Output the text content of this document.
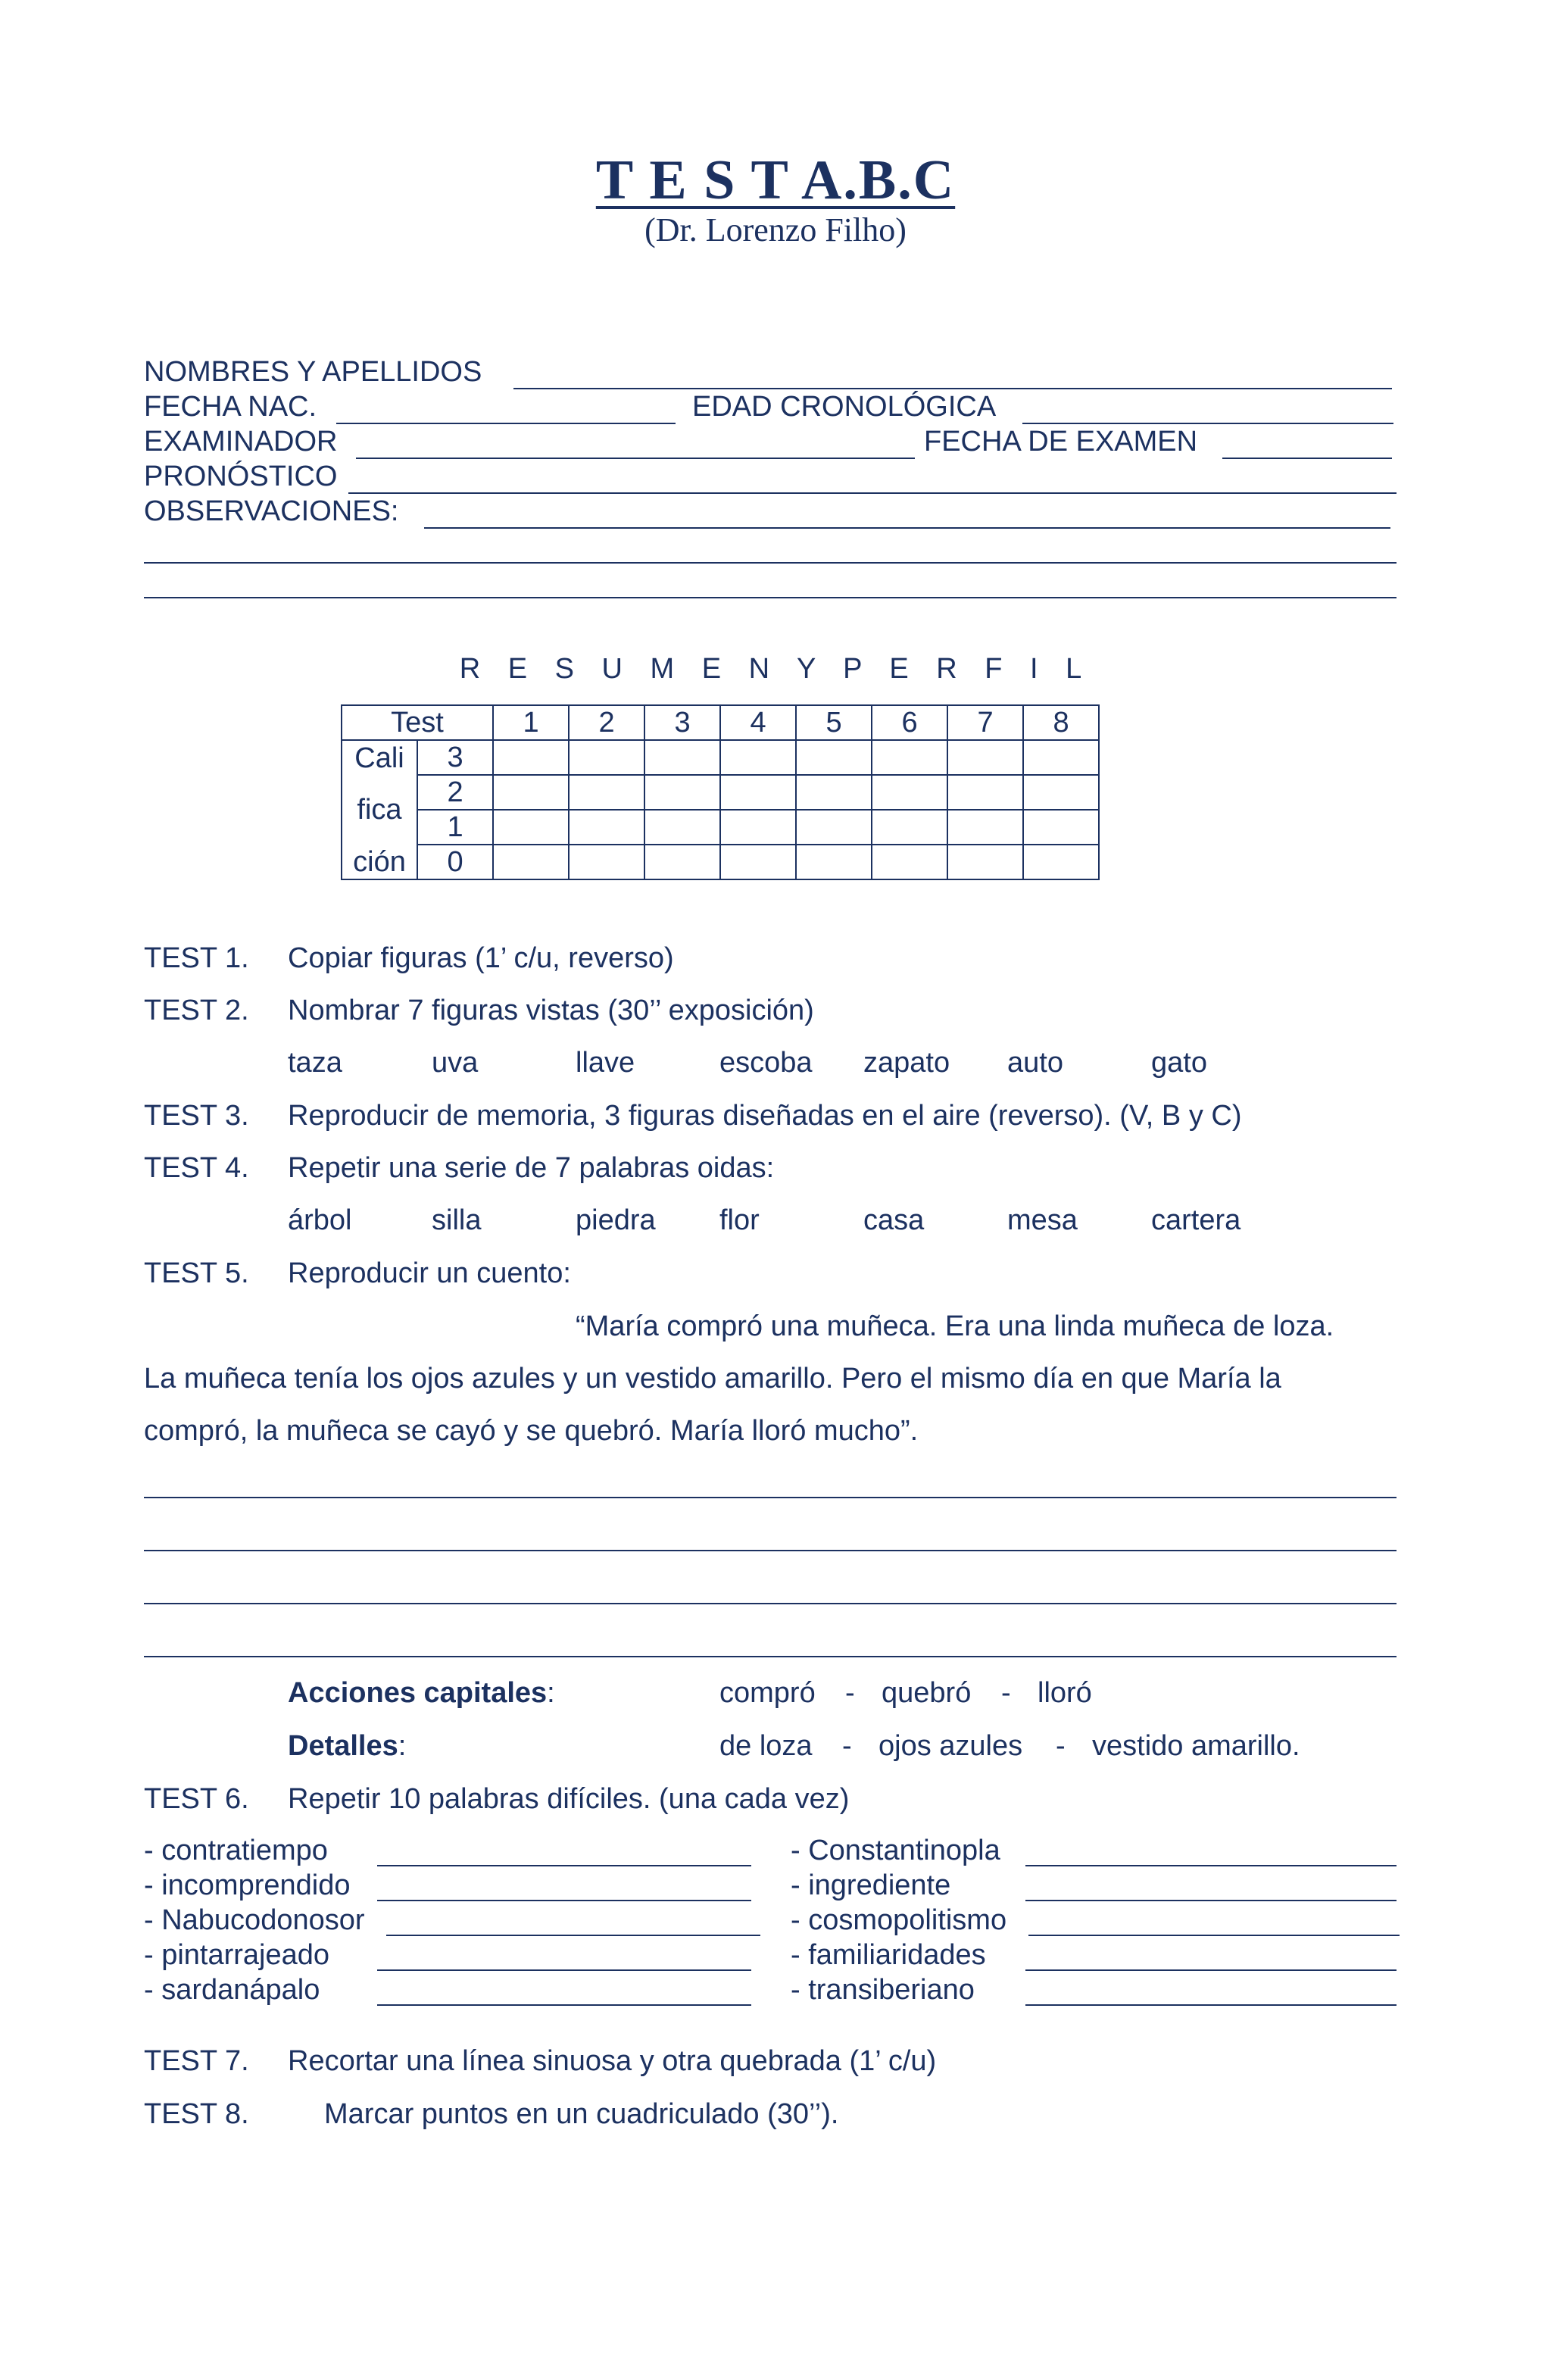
T E S T A.B.C
(Dr. Lorenzo Filho)
NOMBRES Y APELLIDOS
FECHA NAC.	EDAD CRONOLÓGICA
EXAMINADOR	FECHA DE EXAMEN
PRONÓSTICO
OBSERVACIONES:
R E S U M E N Y P E R F I L
Test		1	2	3	4	5	6	7	8
Cali	3								
fica	2								
	1								
ción	0								
TEST 1. Copiar figuras (1’ c/u, reverso)
TEST 2. Nombrar 7 figuras vistas (30’’ exposición)
taza	uva	llave	escoba zapato auto	gato
TEST 3. Reproducir de memoria, 3 figuras diseñadas en el aire (reverso). (V, B y C)
TEST 4. Repetir una serie de 7 palabras oidas:
árbol	silla	piedra flor	casa	mesa	cartera
TEST 5. Reproducir un cuento:
“María compró una muñeca. Era una linda muñeca de loza.
La muñeca tenía los ojos azules y un vestido amarillo. Pero el mismo día en que María la
compró, la muñeca se cayó y se quebró. María lloró mucho”.
Acciones capitales:	compró - quebró - lloró
Detalles:	de loza - ojos azules - vestido amarillo.
TEST 6. Repetir 10 palabras difíciles. (una cada vez)
- contratiempo
- incomprendido
- Nabucodonosor
- pintarrajeado
- sardanápalo
- Constantinopla
- ingrediente
- cosmopolitismo
- familiaridades
- transiberiano
TEST 7. Recortar una línea sinuosa y otra quebrada (1’ c/u)
TEST 8.	Marcar puntos en un cuadriculado (30’’).
